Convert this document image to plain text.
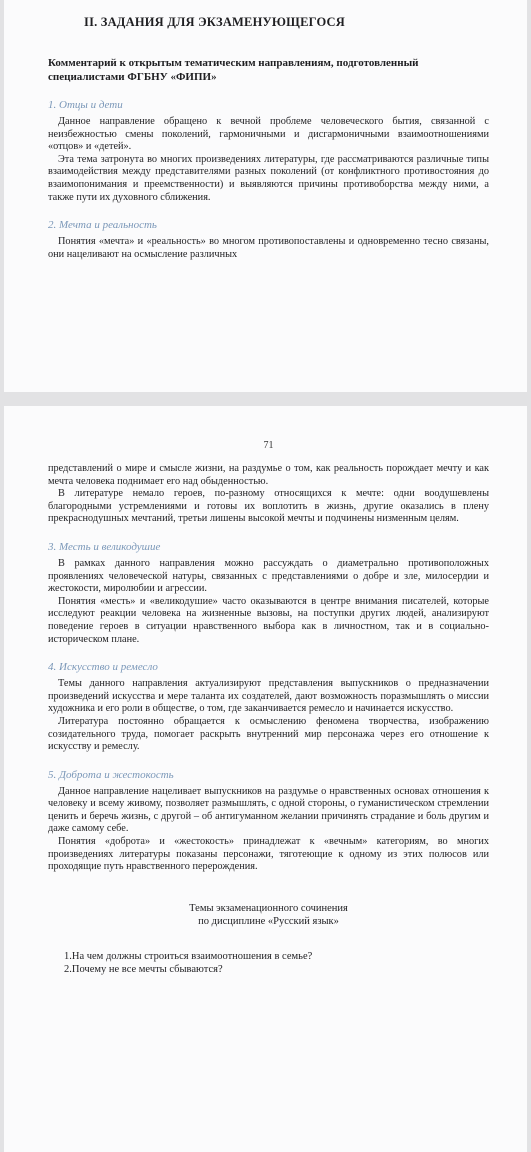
II. ЗАДАНИЯ ДЛЯ ЭКЗАМЕНУЮЩЕГОСЯ
Комментарий к открытым тематическим направлениям, подготовленный специалистами ФГБНУ «ФИПИ»
1. Отцы и дети

Данное направление обращено к вечной проблеме человеческого бытия, связанной с неизбежностью смены поколений, гармоничными и дисгармоничными взаимоотношениями «отцов» и «детей».

Эта тема затронута во многих произведениях литературы, где рассматриваются различные типы взаимодействия между представителями разных поколений (от конфликтного противостояния до взаимопонимания и преемственности) и выявляются причины противоборства между ними, а также пути их духовного сближения.

2. Мечта и реальность

Понятия «мечта» и «реальность» во многом противопоставлены и одновременно тесно связаны, они нацеливают на осмысление различных

71

представлений о мире и смысле жизни, на раздумье о том, как реальность порождает мечту и как мечта человека поднимает его над обыденностью.

В литературе немало героев, по-разному относящихся к мечте: одни воодушевлены благородными устремлениями и готовы их воплотить в жизнь, другие оказались в плену прекраснодушных мечтаний, третьи лишены высокой мечты и подчинены низменным целям.

3. Месть и великодушие

В рамках данного направления можно рассуждать о диаметрально противоположных проявлениях человеческой натуры, связанных с представлениями о добре и зле, милосердии и жестокости, миролюбии и агрессии.

Понятия «месть» и «великодушие» часто оказываются в центре внимания писателей, которые исследуют реакции человека на жизненные вызовы, на поступки других людей, анализируют поведение героев в ситуации нравственного выбора как в личностном, так и в социально-историческом плане.

4. Искусство и ремесло

Темы данного направления актуализируют представления выпускников о предназначении произведений искусства и мере таланта их создателей, дают возможность поразмышлять о миссии художника и его роли в обществе, о том, где заканчивается ремесло и начинается искусство.

Литература постоянно обращается к осмыслению феномена творчества, изображению созидательного труда, помогает раскрыть внутренний мир персонажа через его отношение к искусству и ремеслу.

5. Доброта и жестокость

Данное направление нацеливает выпускников на раздумье о нравственных основах отношения к человеку и всему живому, позволяет размышлять, с одной стороны, о гуманистическом стремлении ценить и беречь жизнь, с другой – об антигуманном желании причинять страдание и боль другим и даже самому себе.

Понятия «доброта» и «жестокость» принадлежат к «вечным» категориям, во многих произведениях литературы показаны персонажи, тяготеющие к одному из этих полюсов или проходящие путь нравственного перерождения.

Темы экзаменационного сочинения
по дисциплине «Русский язык»
1.На чем должны строиться взаимоотношения в семье?
2.Почему не все мечты сбываются?
